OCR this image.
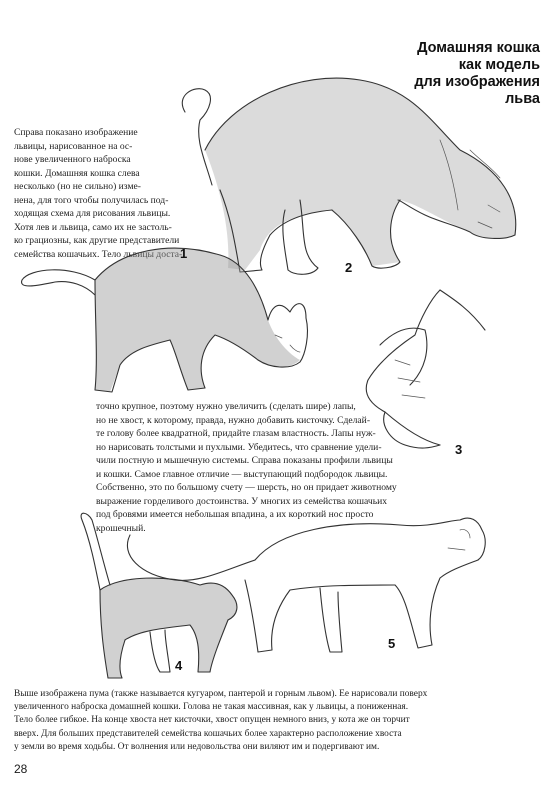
Домашняя кошка
как модель
для изображения
льва
Справа показано изображение
львицы, нарисованное на ос-
нове увеличенного наброска
кошки. Домашняя кошка слева
несколько (но не сильно) изме-
нена, для того чтобы получилась под-
ходящая схема для рисования львицы.
Хотя лев и львица, само их не застоль-
ко грациозны, как другие представители
семейства кошачьих. Тело львицы доста-
точно крупное, поэтому нужно увеличить (сделать шире) лапы,
но не хвост, к которому, правда, нужно добавить кисточку. Сделай-
те голову более квадратной, придайте глазам властность. Лапы нуж-
но нарисовать толстыми и пухлыми. Убедитесь, что сравнение удели-
чили постную и мышечную системы. Справа показаны профили львицы
и кошки. Самое главное отличие — выступающий подбородок львицы.
Собственно, это по большому счету — шерсть, но он придает животному
выражение горделивого достоинства. У многих из семейства кошачьих
под бровями имеется небольшая впадина, а их короткий нос просто
крошечный.
Выше изображена пума (также называется кугуаром, пантерой и горным львом). Ее нарисовали поверх
увеличенного наброска домашней кошки. Голова не такая массивная, как у львицы, а пониженная.
Тело более гибкое. На конце хвоста нет кисточки, хвост опущен немного вниз, у кота же он торчит
вверх. Для больших представителей семейства кошачьих более характерно расположение хвоста
у земли во время ходьбы. От волнения или недовольства они виляют им и подергивают им.
1
2
3
4
5
28
